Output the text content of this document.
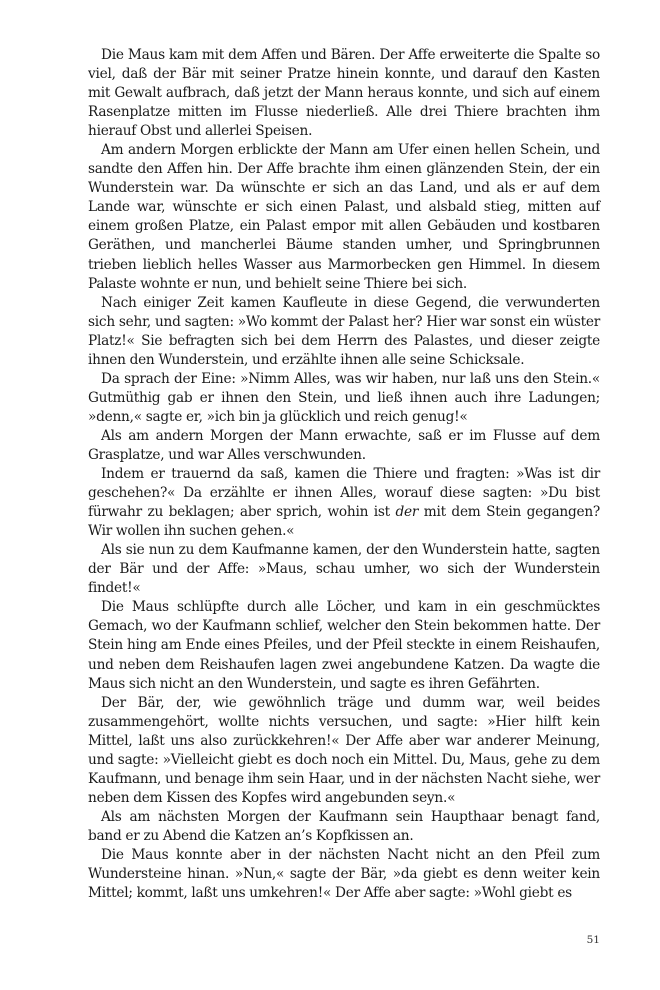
Die Maus kam mit dem Affen und Bären. Der Affe erweiterte die Spalte so viel, daß der Bär mit seiner Pratze hinein konnte, und darauf den Kasten mit Gewalt aufbrach, daß jetzt der Mann heraus konnte, und sich auf einem Rasenplatze mitten im Flusse niederließ. Alle drei Thiere brachten ihm hierauf Obst und allerlei Speisen.

Am andern Morgen erblickte der Mann am Ufer einen hellen Schein, und sandte den Affen hin. Der Affe brachte ihm einen glänzenden Stein, der ein Wunderstein war. Da wünschte er sich an das Land, und als er auf dem Lande war, wünschte er sich einen Palast, und alsbald stieg, mitten auf einem großen Platze, ein Palast empor mit allen Gebäuden und kostbaren Geräthen, und mancherlei Bäume standen umher, und Springbrunnen trieben lieblich helles Wasser aus Marmorbecken gen Himmel. In diesem Palaste wohnte er nun, und behielt seine Thiere bei sich.

Nach einiger Zeit kamen Kaufleute in diese Gegend, die verwunderten sich sehr, und sagten: »Wo kommt der Palast her? Hier war sonst ein wüster Platz!« Sie befragten sich bei dem Herrn des Palastes, und dieser zeigte ihnen den Wunderstein, und erzählte ihnen alle seine Schicksale.

Da sprach der Eine: »Nimm Alles, was wir haben, nur laß uns den Stein.« Gutmüthig gab er ihnen den Stein, und ließ ihnen auch ihre Ladungen; »denn,« sagte er, »ich bin ja glücklich und reich genug!«

Als am andern Morgen der Mann erwachte, saß er im Flusse auf dem Grasplatze, und war Alles verschwunden.

Indem er trauernd da saß, kamen die Thiere und fragten: »Was ist dir geschehen?« Da erzählte er ihnen Alles, worauf diese sagten: »Du bist fürwahr zu beklagen; aber sprich, wohin ist der mit dem Stein gegangen? Wir wollen ihn suchen gehen.«

Als sie nun zu dem Kaufmanne kamen, der den Wunderstein hatte, sagten der Bär und der Affe: »Maus, schau umher, wo sich der Wunderstein findet!«

Die Maus schlüpfte durch alle Löcher, und kam in ein geschmücktes Gemach, wo der Kaufmann schlief, welcher den Stein bekommen hatte. Der Stein hing am Ende eines Pfeiles, und der Pfeil steckte in einem Reishaufen, und neben dem Reishaufen lagen zwei angebundene Katzen. Da wagte die Maus sich nicht an den Wunderstein, und sagte es ihren Gefährten.

Der Bär, der, wie gewöhnlich träge und dumm war, weil beides zusammengehört, wollte nichts versuchen, und sagte: »Hier hilft kein Mittel, laßt uns also zurückkehren!« Der Affe aber war anderer Meinung, und sagte: »Vielleicht giebt es doch noch ein Mittel. Du, Maus, gehe zu dem Kaufmann, und benage ihm sein Haar, und in der nächsten Nacht siehe, wer neben dem Kissen des Kopfes wird angebunden seyn.«

Als am nächsten Morgen der Kaufmann sein Haupthaar benagt fand, band er zu Abend die Katzen an’s Kopfkissen an.

Die Maus konnte aber in der nächsten Nacht nicht an den Pfeil zum Wundersteine hinan. »Nun,« sagte der Bär, »da giebt es denn weiter kein Mittel; kommt, laßt uns umkehren!« Der Affe aber sagte: »Wohl giebt es

51
